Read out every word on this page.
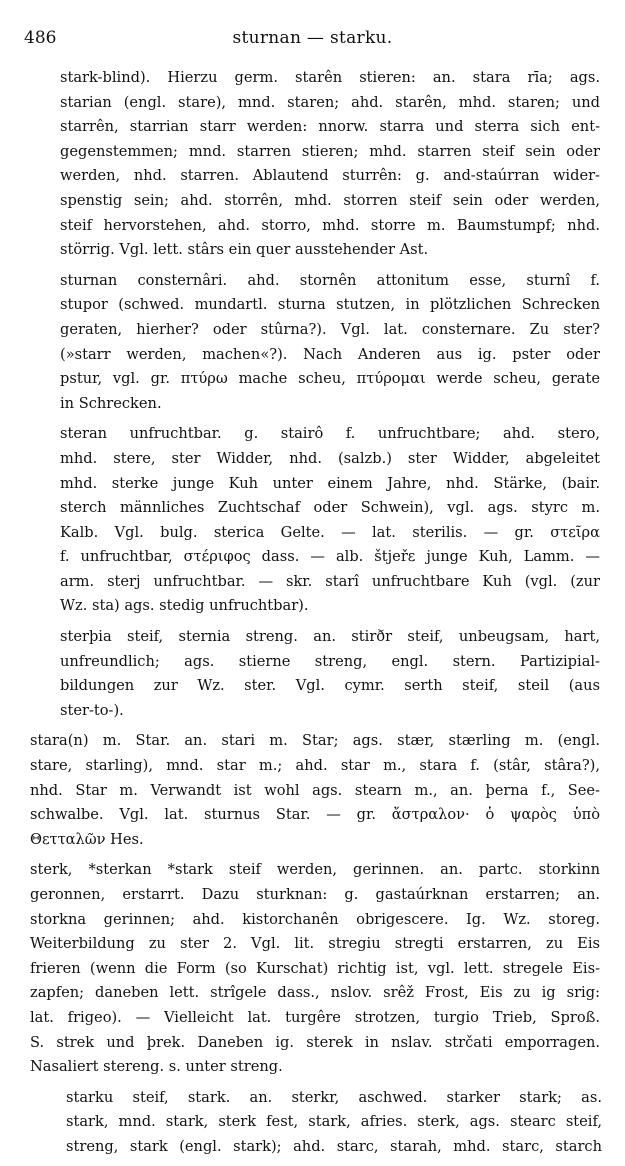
486	sturnan — starku.
stark-blind). Hierzu germ. starên stieren: an. stara rīa; ags.
starian (engl. stare), mnd. staren; ahd. starên, mhd. staren; und
starrên, starrian starr werden: nnorw. starra und sterra sich ent-
gegenstemmen; mnd. starren stieren; mhd. starren steif sein oder
werden, nhd. starren. Ablautend sturrên: g. and-staúrran wider-
spenstig sein; ahd. storrên, mhd. storren steif sein oder werden,
steif hervorstehen, ahd. storro, mhd. storre m. Baumstumpf; nhd.
störrig. Vgl. lett. stârs ein quer ausstehender Ast.
sturnan consternâri. ahd. stornên attonitum esse, sturnî f.
stupor (schwed. mundartl. sturna stutzen, in plötzlichen Schrecken
geraten, hierher? oder stûrna?). Vgl. lat. consternare. Zu ster?
(»starr werden, machen«?). Nach Anderen aus ig. pster oder
pstur, vgl. gr. πτύρω mache scheu, πτύρομαι werde scheu, gerate
in Schrecken.
steran unfruchtbar. g. stairô f. unfruchtbare; ahd. stero,
mhd. stere, ster Widder, nhd. (salzb.) ster Widder, abgeleitet
mhd. sterke junge Kuh unter einem Jahre, nhd. Stärke, (bair.
sterch männliches Zuchtschaf oder Schwein), vgl. ags. styrc m.
Kalb. Vgl. bulg. sterica Gelte. — lat. sterilis. — gr. στεῖρα
f. unfruchtbar, στέριφος dass. — alb. štjeřε junge Kuh, Lamm. —
arm. sterj unfruchtbar. — skr. starî unfruchtbare Kuh (vgl. (zur
Wz. sta) ags. stedig unfruchtbar).
sterþia steif, sternia streng. an. stirðr steif, unbeugsam, hart,
unfreundlich; ags. stierne streng, engl. stern. Partizipial-
bildungen zur Wz. ster. Vgl. cymr. serth steif, steil (aus
ster-to-).
stara(n) m. Star. an. stari m. Star; ags. stær, stærling m. (engl.
stare, starling), mnd. star m.; ahd. star m., stara f. (stâr, stâra?),
nhd. Star m. Verwandt ist wohl ags. stearn m., an. þerna f., See-
schwalbe. Vgl. lat. sturnus Star. — gr. ἄστραλον· ὁ ψαρὸς ὑπὸ
Θετταλῶν Hes.
sterk, *sterkan *stark steif werden, gerinnen. an. partc. storkinn
geronnen, erstarrt. Dazu sturknan: g. gastaúrknan erstarren; an.
storkna gerinnen; ahd. kistorchanên obrigescere. Ig. Wz. storeg.
Weiterbildung zu ster 2. Vgl. lit. stregiu stregti erstarren, zu Eis
frieren (wenn die Form (so Kurschat) richtig ist, vgl. lett. stregele Eis-
zapfen; daneben lett. strîgele dass., nslov. srêž Frost, Eis zu ig srig:
lat. frigeo). — Vielleicht lat. turgêre strotzen, turgio Trieb, Sproß.
S. strek und þrek. Daneben ig. sterek in nslav. strčati emporragen.
Nasaliert stereng. s. unter streng.
starku steif, stark. an. sterkr, aschwed. starker stark; as.
stark, mnd. stark, sterk fest, stark, afries. sterk, ags. stearc steif,
streng, stark (engl. stark); ahd. starc, starah, mhd. starc, starch
